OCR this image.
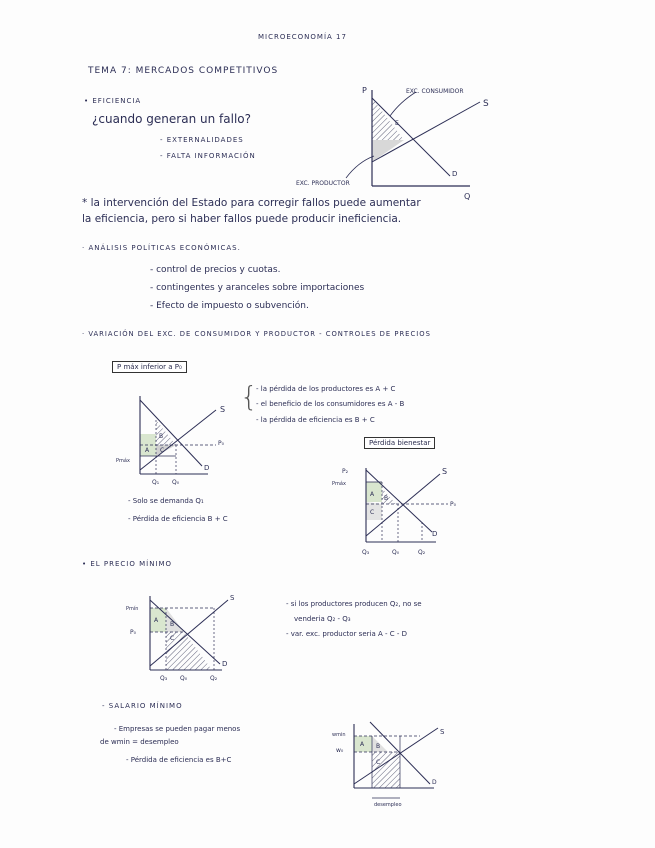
MICROECONOMÍA 17
TEMA 7: MERCADOS COMPETITIVOS
• EFICIENCIA
¿cuando generan un fallo?
- EXTERNALIDADES
- FALTA INFORMACIÓN
P
Q
S
D
EXC. CONSUMIDOR
EXC. PRODUCTOR
E
* la intervención del Estado para corregir fallos puede aumentar
la eficiencia, pero si haber fallos puede producir ineficiencia.
· ANÁLISIS POLÍTICAS ECONÓMICAS.
- control de precios y cuotas.
- contingentes y aranceles sobre importaciones
- Efecto de impuesto o subvención.
· VARIACIÓN DEL EXC. DE CONSUMIDOR Y PRODUCTOR - CONTROLES DE PRECIOS
P máx inferior a P₀
S
D
P₀
Pmáx
A
B
C
Q₁ Q₀
{
- la pérdida de los productores es A + C
- el beneficio de los consumidores es A - B
- la pérdida de eficiencia es B + C
- Solo se demanda Q₁
- Pérdida de eficiencia B + C
Pérdida bienestar
S
D
P₂
Pmáx
P₀
A
B
C
Q₃	Q₀	Q₂
• EL PRECIO MÍNIMO
S
D
Pmín
P₀
A
B
C
Q₃ Q₀	Q₂
- si los productores producen Q₂, no se
venderia Q₂ - Q₃
- var. exc. productor seria A - C - D
- SALARIO MÍNIMO
- Empresas se pueden pagar menos
de wmin = desempleo
- Pérdida de eficiencia es B+C
S
D
wmin
w₀
A B
C
desempleo
